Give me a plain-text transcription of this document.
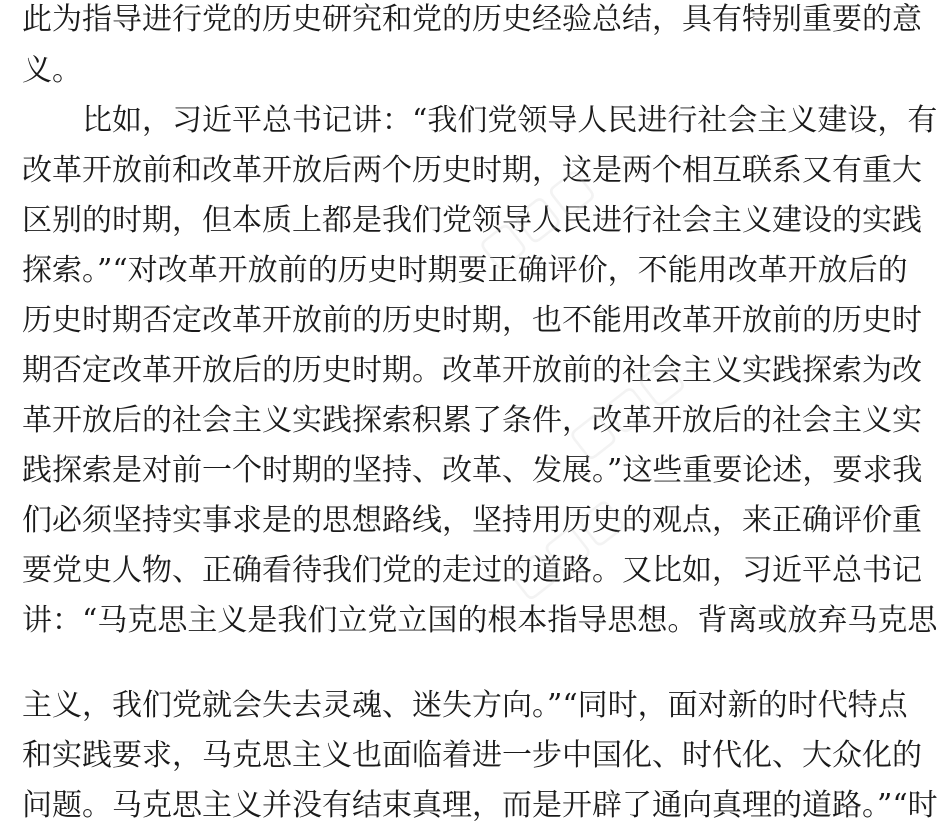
此为指导进行党的历史研究和党的历史经验总结，具有特别重要的意
义。
比如，习近平总书记讲：“我们党领导人民进行社会主义建设，有
改革开放前和改革开放后两个历史时期，这是两个相互联系又有重大
区别的时期，但本质上都是我们党领导人民进行社会主义建设的实践
探索。”“对改革开放前的历史时期要正确评价，不能用改革开放后的
历史时期否定改革开放前的历史时期，也不能用改革开放前的历史时
期否定改革开放后的历史时期。改革开放前的社会主义实践探索为改
革开放后的社会主义实践探索积累了条件，改革开放后的社会主义实
践探索是对前一个时期的坚持、改革、发展。”这些重要论述，要求我
们必须坚持实事求是的思想路线，坚持用历史的观点，来正确评价重
要党史人物、正确看待我们党的走过的道路。又比如，习近平总书记
讲：“马克思主义是我们立党立国的根本指导思想。背离或放弃马克思
主义，我们党就会失去灵魂、迷失方向。”“同时，面对新的时代特点
和实践要求，马克思主义也面临着进一步中国化、时代化、大众化的
问题。马克思主义并没有结束真理，而是开辟了通向真理的道路。”“时
▢▢▢
▢▢▢
▢▢▢
